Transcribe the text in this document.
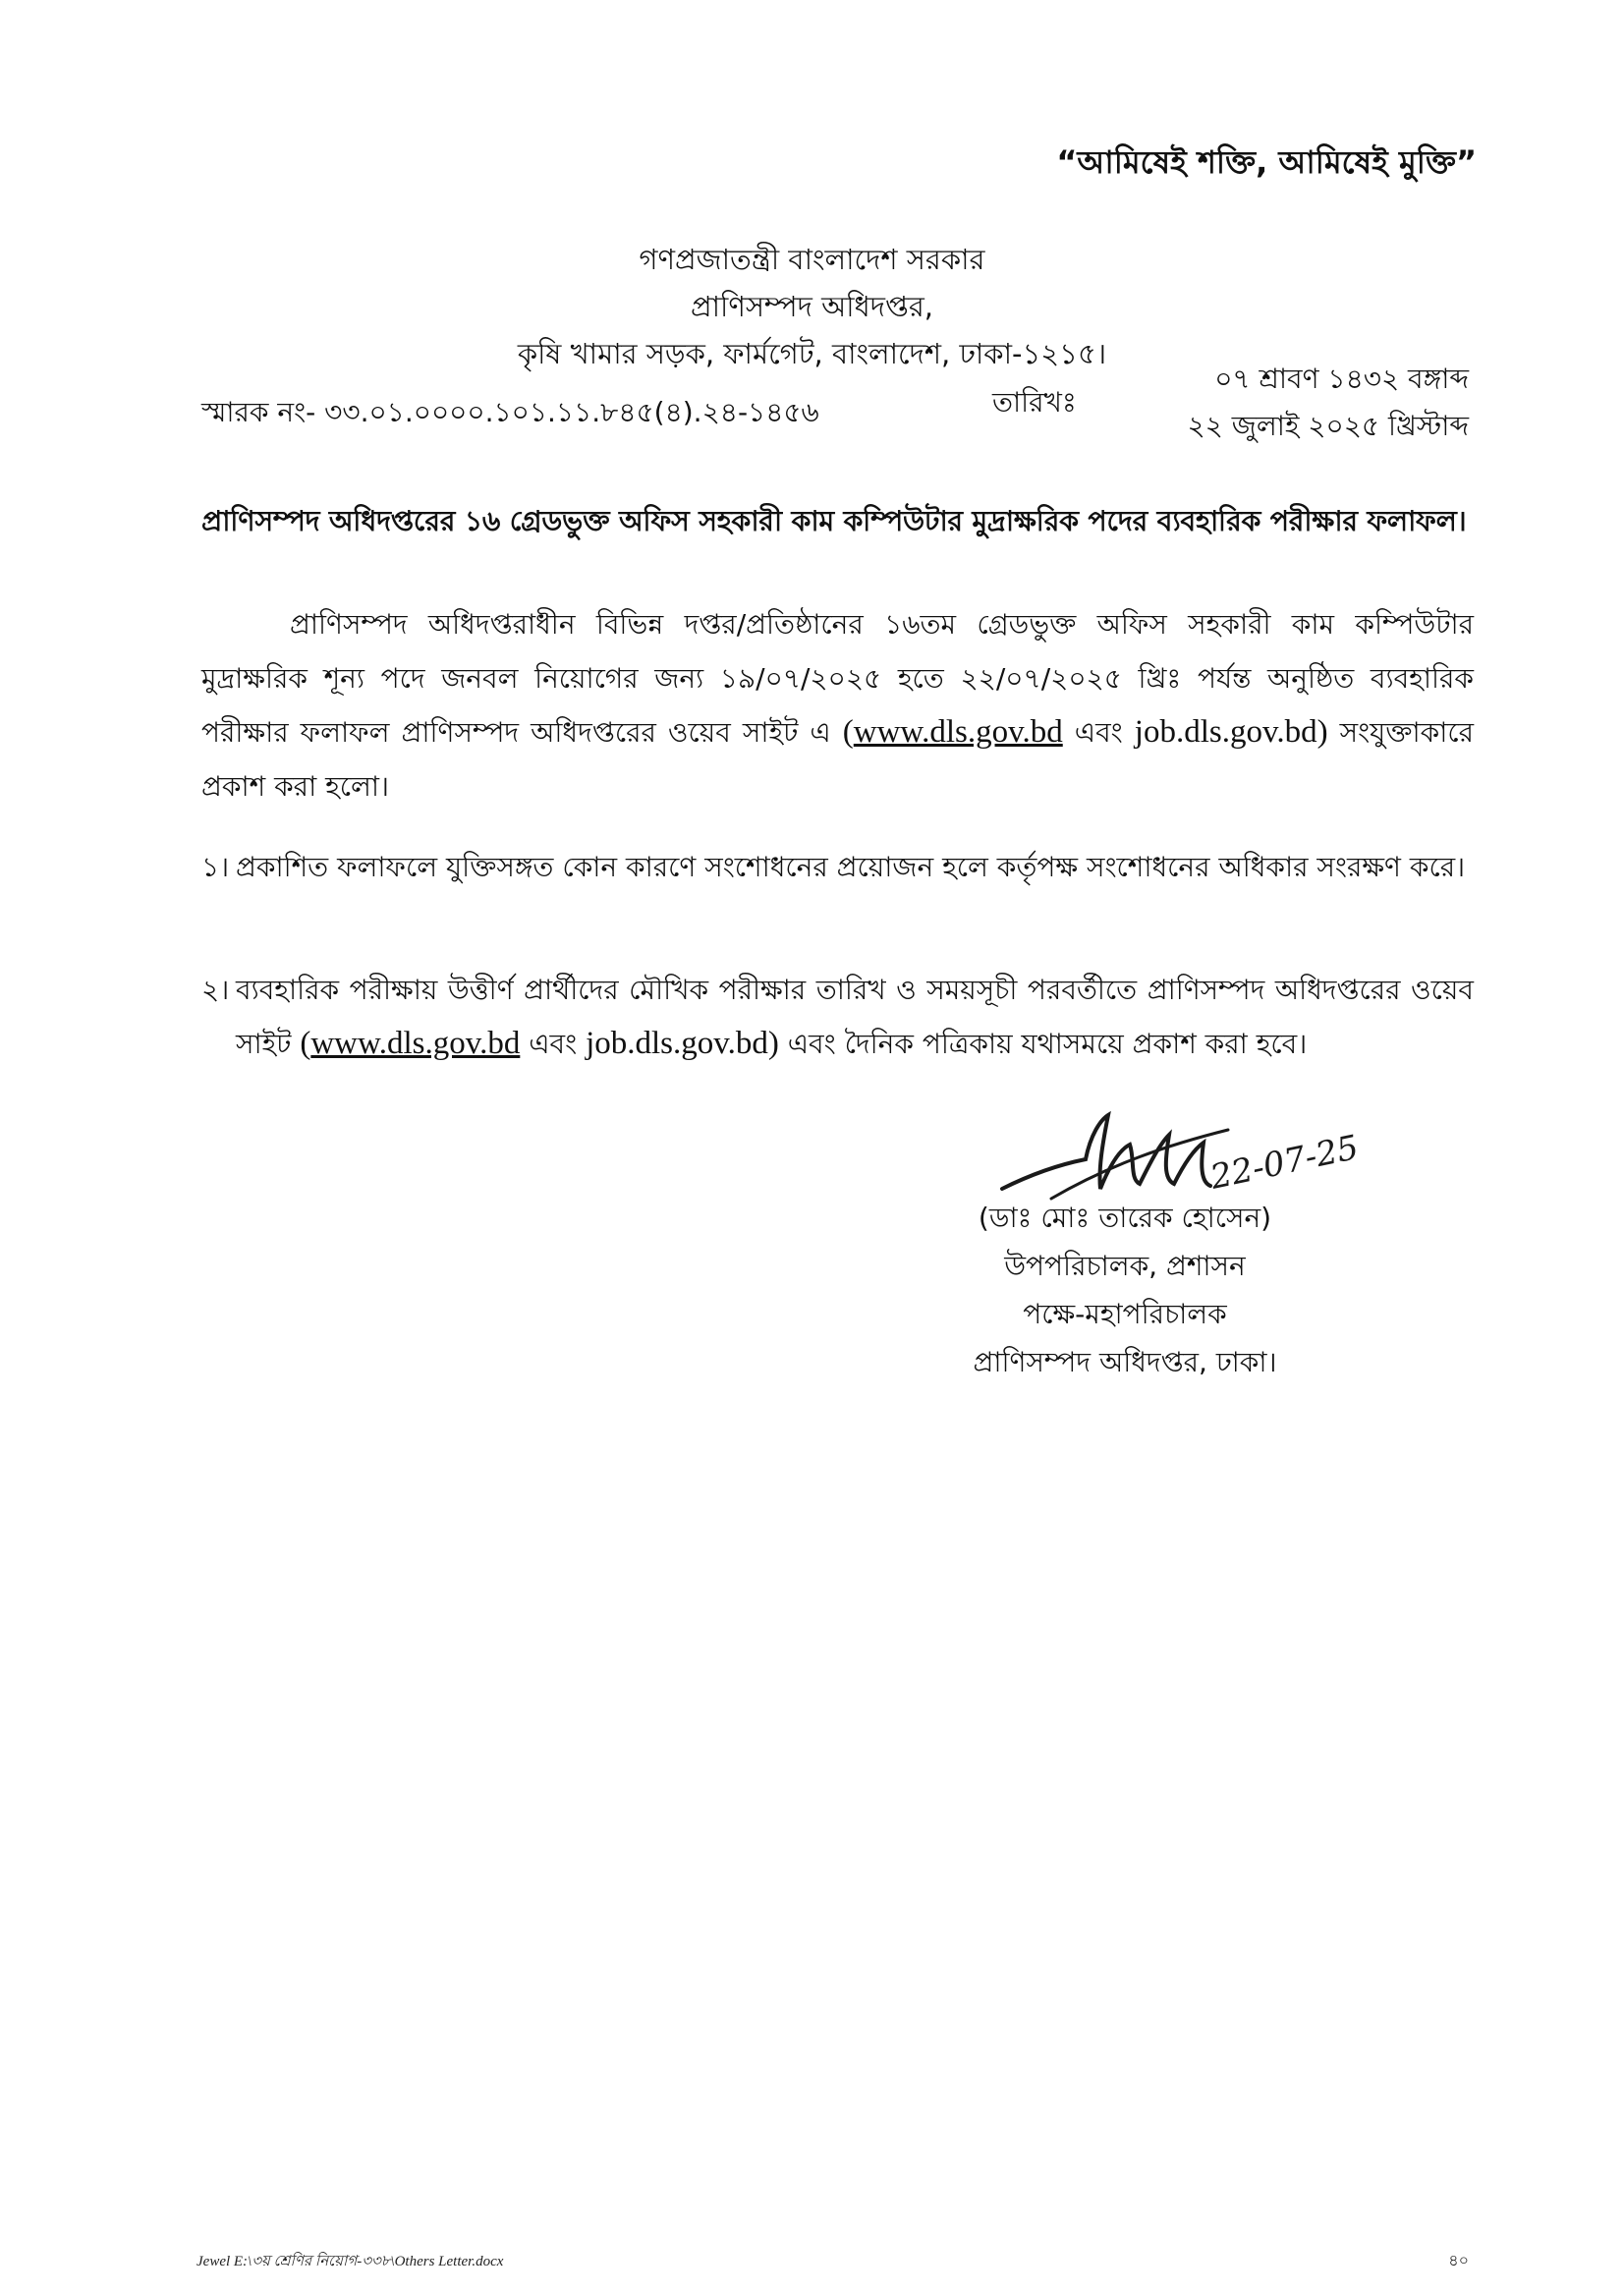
“আমিষেই শক্তি, আমিষেই মুক্তি”
গণপ্রজাতন্ত্রী বাংলাদেশ সরকার
প্রাণিসম্পদ অধিদপ্তর,
কৃষি খামার সড়ক, ফার্মগেট, বাংলাদেশ, ঢাকা-১২১৫।
স্মারক নং- ৩৩.০১.০০০০.১০১.১১.৮৪৫(৪).২৪-১৪৫৬	তারিখঃ
০৭ শ্রাবণ ১৪৩২ বঙ্গাব্দ
২২ জুলাই ২০২৫ খ্রিস্টাব্দ
প্রাণিসম্পদ অধিদপ্তরের ১৬ গ্রেডভুক্ত অফিস সহকারী কাম কম্পিউটার মুদ্রাক্ষরিক পদের ব্যবহারিক পরীক্ষার ফলাফল।
প্রাণিসম্পদ অধিদপ্তরাধীন বিভিন্ন দপ্তর/প্রতিষ্ঠানের ১৬তম গ্রেডভুক্ত অফিস সহকারী কাম কম্পিউটার মুদ্রাক্ষরিক শূন্য পদে জনবল নিয়োগের জন্য ১৯/০৭/২০২৫ হতে ২২/০৭/২০২৫ খ্রিঃ পর্যন্ত অনুষ্ঠিত ব্যবহারিক পরীক্ষার ফলাফল প্রাণিসম্পদ অধিদপ্তরের ওয়েব সাইট এ (www.dls.gov.bd এবং job.dls.gov.bd) সংযুক্তাকারে প্রকাশ করা হলো।
১। প্রকাশিত ফলাফলে যুক্তিসঙ্গত কোন কারণে সংশোধনের প্রয়োজন হলে কর্তৃপক্ষ সংশোধনের অধিকার সংরক্ষণ করে।
২। ব্যবহারিক পরীক্ষায় উত্তীর্ণ প্রার্থীদের মৌখিক পরীক্ষার তারিখ ও সময়সূচী পরবর্তীতে প্রাণিসম্পদ অধিদপ্তরের ওয়েব সাইট (www.dls.gov.bd এবং job.dls.gov.bd) এবং দৈনিক পত্রিকায় যথাসময়ে প্রকাশ করা হবে।
22-07-25
(ডাঃ মোঃ তারেক হোসেন)
উপপরিচালক, প্রশাসন
পক্ষে-মহাপরিচালক
প্রাণিসম্পদ অধিদপ্তর, ঢাকা।
Jewel E:\৩য় শ্রেণির নিয়োগ-৩৩৮\Others Letter.docx	৪০
